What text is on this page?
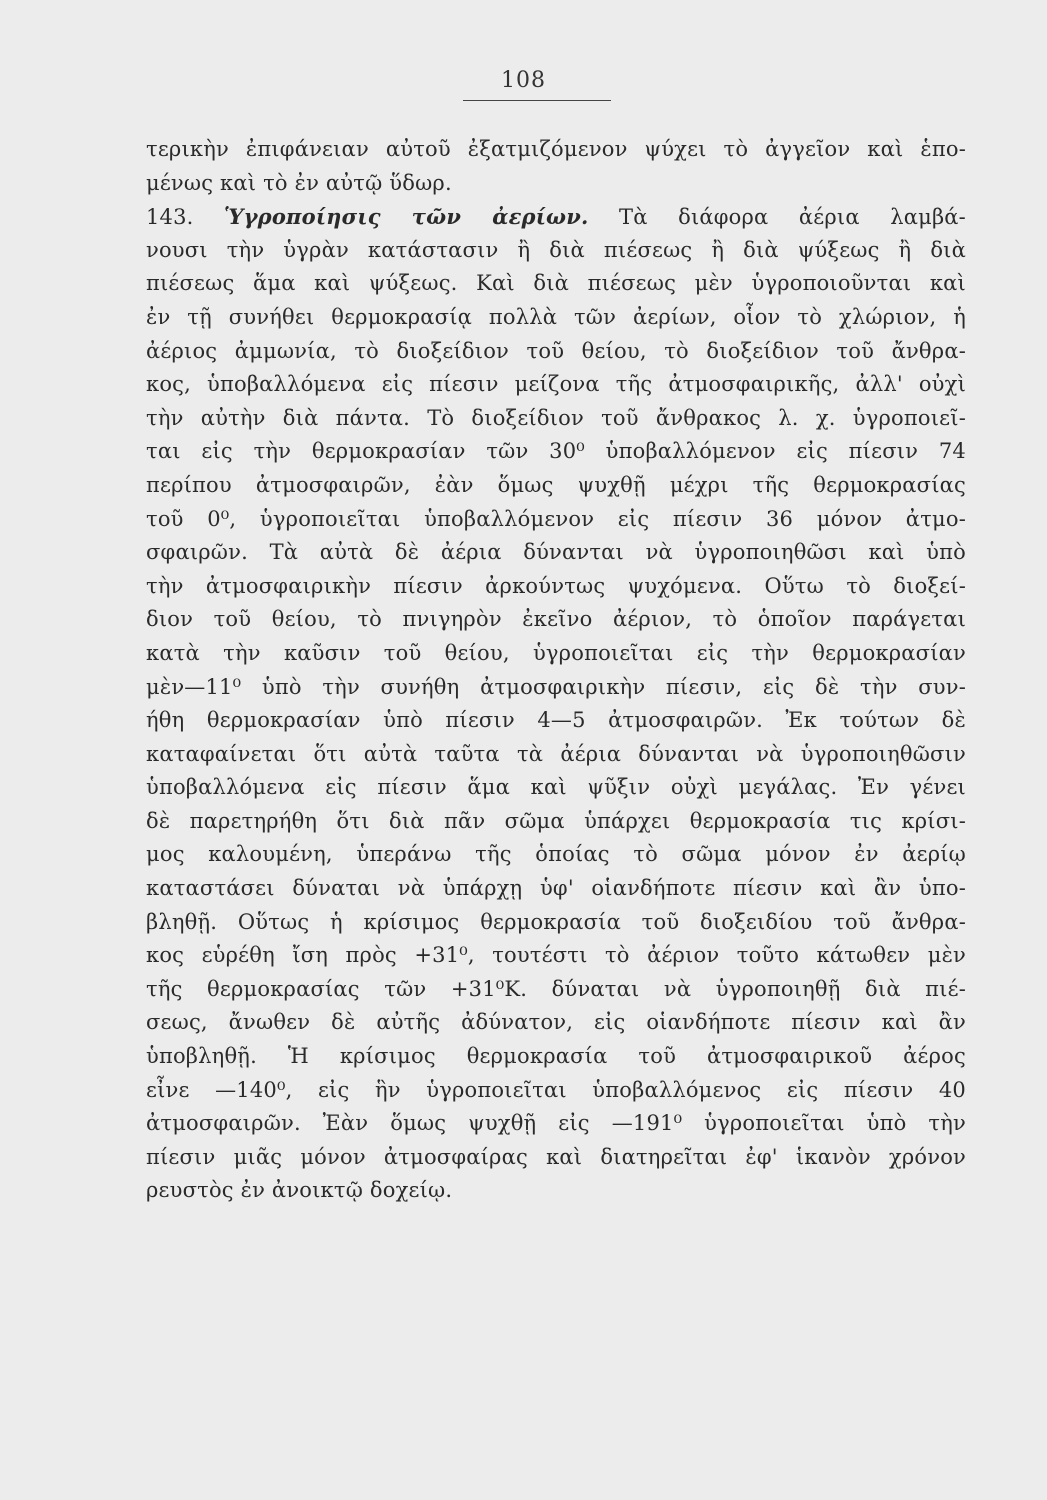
108
τερικὴν ἐπιφάνειαν αὐτοῦ ἐξατμιζόμενον ψύχει τὸ ἀγγεῖον καὶ ἑπο-
μένως καὶ τὸ ἐν αὐτῷ ὕδωρ.
143. Ὑγροποίησις τῶν ἀερίων. Τὰ διάφορα ἀέρια λαμβά-
νουσι τὴν ὑγρὰν κατάστασιν ἢ διὰ πιέσεως ἢ διὰ ψύξεως ἢ διὰ
πιέσεως ἅμα καὶ ψύξεως. Καὶ διὰ πιέσεως μὲν ὑγροποιοῦνται καὶ
ἐν τῇ συνήθει θερμοκρασίᾳ πολλὰ τῶν ἀερίων, οἷον τὸ χλώριον, ἡ
ἀέριος ἀμμωνία, τὸ διοξείδιον τοῦ θείου, τὸ διοξείδιον τοῦ ἄνθρα-
κος, ὑποβαλλόμενα εἰς πίεσιν μείζονα τῆς ἀτμοσφαιρικῆς, ἀλλ' οὐχὶ
τὴν αὐτὴν διὰ πάντα. Τὸ διοξείδιον τοῦ ἄνθρακος λ. χ. ὑγροποιεῖ-
ται εἰς τὴν θερμοκρασίαν τῶν 30⁰ ὑποβαλλόμενον εἰς πίεσιν 74
περίπου ἀτμοσφαιρῶν, ἐὰν ὅμως ψυχθῇ μέχρι τῆς θερμοκρασίας
τοῦ 0⁰, ὑγροποιεῖται ὑποβαλλόμενον εἰς πίεσιν 36 μόνον ἀτμο-
σφαιρῶν. Τὰ αὐτὰ δὲ ἀέρια δύνανται νὰ ὑγροποιηθῶσι καὶ ὑπὸ
τὴν ἀτμοσφαιρικὴν πίεσιν ἀρκούντως ψυχόμενα. Οὕτω τὸ διοξεί-
διον τοῦ θείου, τὸ πνιγηρὸν ἐκεῖνο ἀέριον, τὸ ὁποῖον παράγεται
κατὰ τὴν καῦσιν τοῦ θείου, ὑγροποιεῖται εἰς τὴν θερμοκρασίαν
μὲν—11⁰ ὑπὸ τὴν συνήθη ἀτμοσφαιρικὴν πίεσιν, εἰς δὲ τὴν συν-
ήθη θερμοκρασίαν ὑπὸ πίεσιν 4—5 ἀτμοσφαιρῶν. Ἐκ τούτων δὲ
καταφαίνεται ὅτι αὐτὰ ταῦτα τὰ ἀέρια δύνανται νὰ ὑγροποιηθῶσιν
ὑποβαλλόμενα εἰς πίεσιν ἅμα καὶ ψῦξιν οὐχὶ μεγάλας. Ἐν γένει
δὲ παρετηρήθη ὅτι διὰ πᾶν σῶμα ὑπάρχει θερμοκρασία τις κρίσι-
μος καλουμένη, ὑπεράνω τῆς ὁποίας τὸ σῶμα μόνον ἐν ἀερίῳ
καταστάσει δύναται νὰ ὑπάρχῃ ὑφ' οἱανδήποτε πίεσιν καὶ ἂν ὑπο-
βληθῇ. Οὕτως ἡ κρίσιμος θερμοκρασία τοῦ διοξειδίου τοῦ ἄνθρα-
κος εὑρέθη ἴση πρὸς +31⁰, τουτέστι τὸ ἀέριον τοῦτο κάτωθεν μὲν
τῆς θερμοκρασίας τῶν +31⁰Κ. δύναται νὰ ὑγροποιηθῇ διὰ πιέ-
σεως, ἄνωθεν δὲ αὐτῆς ἀδύνατον, εἰς οἱανδήποτε πίεσιν καὶ ἂν
ὑποβληθῇ. Ἡ κρίσιμος θερμοκρασία τοῦ ἀτμοσφαιρικοῦ ἀέρος
εἶνε —140⁰, εἰς ἣν ὑγροποιεῖται ὑποβαλλόμενος εἰς πίεσιν 40
ἀτμοσφαιρῶν. Ἐὰν ὅμως ψυχθῇ εἰς —191⁰ ὑγροποιεῖται ὑπὸ τὴν
πίεσιν μιᾶς μόνον ἀτμοσφαίρας καὶ διατηρεῖται ἐφ' ἱκανὸν χρόνον
ρευστὸς ἐν ἀνοικτῷ δοχείῳ.
